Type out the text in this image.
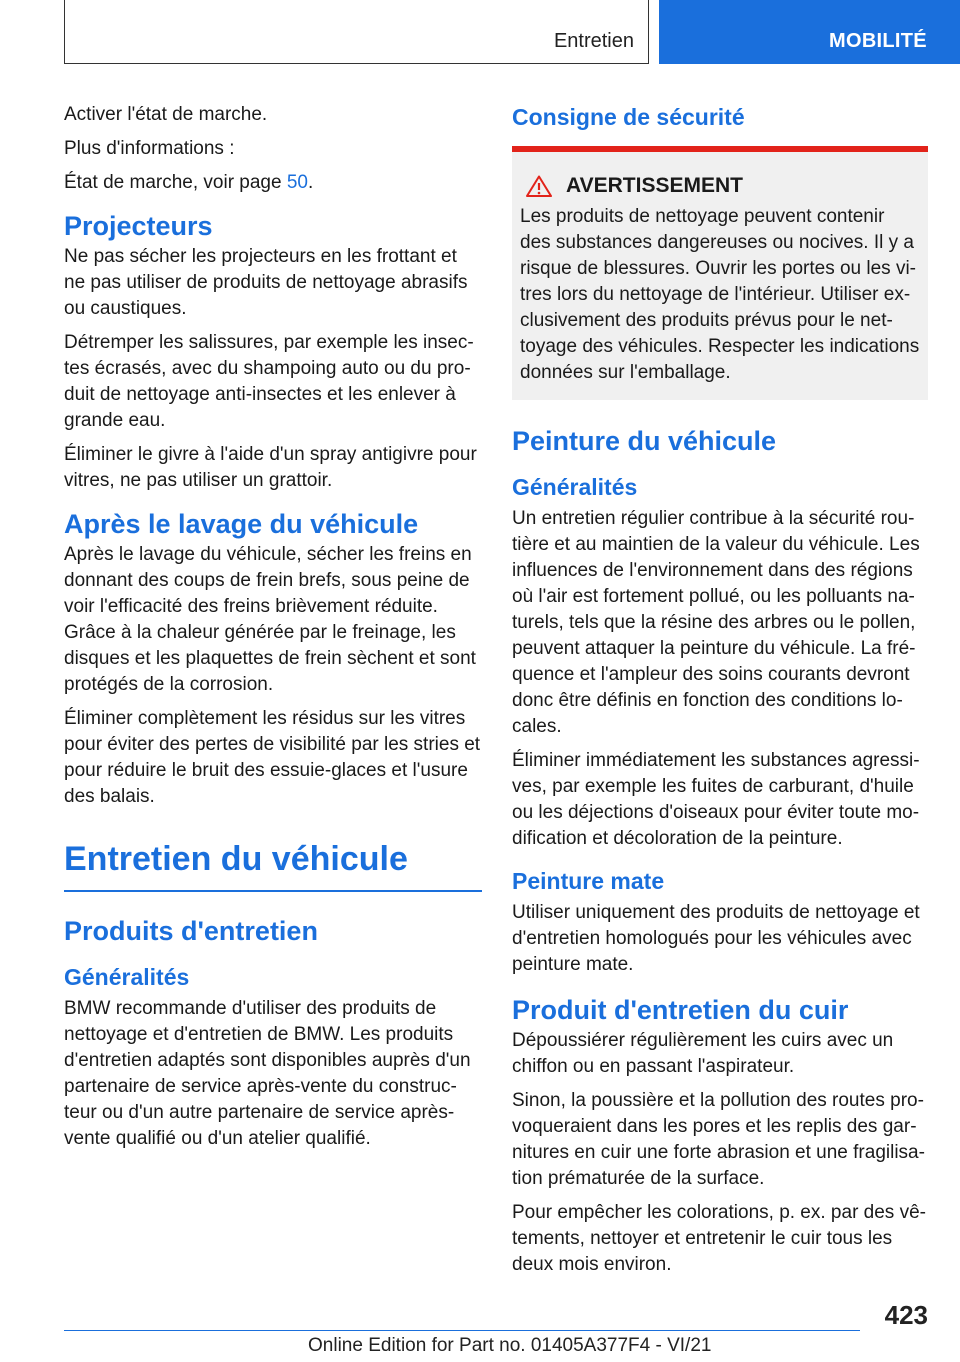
Entretien	MOBILITÉ

Activer l'état de marche.

Plus d'informations :

État de marche, voir page 50.

Projecteurs

Ne pas sécher les projecteurs en les frottant et ne pas utiliser de produits de nettoyage abrasifs ou caustiques.

Détremper les salissures, par exemple les insectes écrasés, avec du shampoing auto ou du produit de nettoyage anti-insectes et les enlever à grande eau.

Éliminer le givre à l'aide d'un spray antigivre pour vitres, ne pas utiliser un grattoir.

Après le lavage du véhicule

Après le lavage du véhicule, sécher les freins en donnant des coups de frein brefs, sous peine de voir l'efficacité des freins brièvement réduite. Grâce à la chaleur générée par le freinage, les disques et les plaquettes de frein sèchent et sont protégés de la corrosion.

Éliminer complètement les résidus sur les vitres pour éviter des pertes de visibilité par les stries et pour réduire le bruit des essuie-glaces et l'usure des balais.

Entretien du véhicule
Produits d'entretien
Généralités

BMW recommande d'utiliser des produits de nettoyage et d'entretien de BMW. Les produits d'entretien adaptés sont disponibles auprès d'un partenaire de service après-vente du constructeur ou d'un autre partenaire de service après-vente qualifié ou d'un atelier qualifié.

Consigne de sécurité
AVERTISSEMENT

Les produits de nettoyage peuvent contenir des substances dangereuses ou nocives. Il y a risque de blessures. Ouvrir les portes ou les vitres lors du nettoyage de l'intérieur. Utiliser exclusivement des produits prévus pour le nettoyage des véhicules. Respecter les indications données sur l'emballage.

Peinture du véhicule
Généralités

Un entretien régulier contribue à la sécurité routière et au maintien de la valeur du véhicule. Les influences de l'environnement dans des régions où l'air est fortement pollué, ou les polluants naturels, tels que la résine des arbres ou le pollen, peuvent attaquer la peinture du véhicule. La fréquence et l'ampleur des soins courants devront donc être définis en fonction des conditions locales.

Éliminer immédiatement les substances agressives, par exemple les fuites de carburant, d'huile ou les déjections d'oiseaux pour éviter toute modification et décoloration de la peinture.

Peinture mate

Utiliser uniquement des produits de nettoyage et d'entretien homologués pour les véhicules avec peinture mate.

Produit d'entretien du cuir

Dépoussiérer régulièrement les cuirs avec un chiffon ou en passant l'aspirateur.

Sinon, la poussière et la pollution des routes provoqueraient dans les pores et les replis des garnitures en cuir une forte abrasion et une fragilisation prématurée de la surface.

Pour empêcher les colorations, p. ex. par des vêtements, nettoyer et entretenir le cuir tous les deux mois environ.

423
Online Edition for Part no. 01405A377F4 - VI/21
